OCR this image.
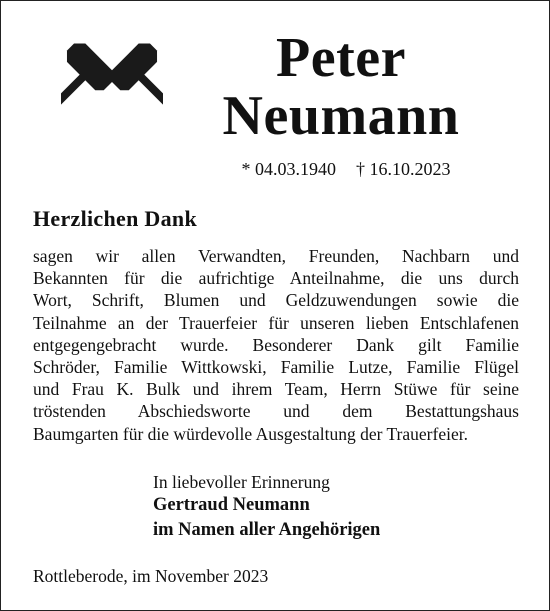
Peter
Neumann
* 04.03.1940 † 16.10.2023
Herzlichen Dank
sagen wir allen Verwandten, Freunden, Nachbarn und
Bekannten für die aufrichtige Anteilnahme, die uns durch
Wort, Schrift, Blumen und Geldzuwendungen sowie die
Teilnahme an der Trauerfeier für unseren lieben Entschlafenen
entgegengebracht wurde. Besonderer Dank gilt Familie
Schröder, Familie Wittkowski, Familie Lutze, Familie Flügel
und Frau K. Bulk und ihrem Team, Herrn Stüwe für seine
tröstenden Abschiedsworte und dem Bestattungshaus
Baumgarten für die würdevolle Ausgestaltung der Trauerfeier.
In liebevoller Erinnerung
Gertraud Neumann
im Namen aller Angehörigen
Rottleberode, im November 2023
